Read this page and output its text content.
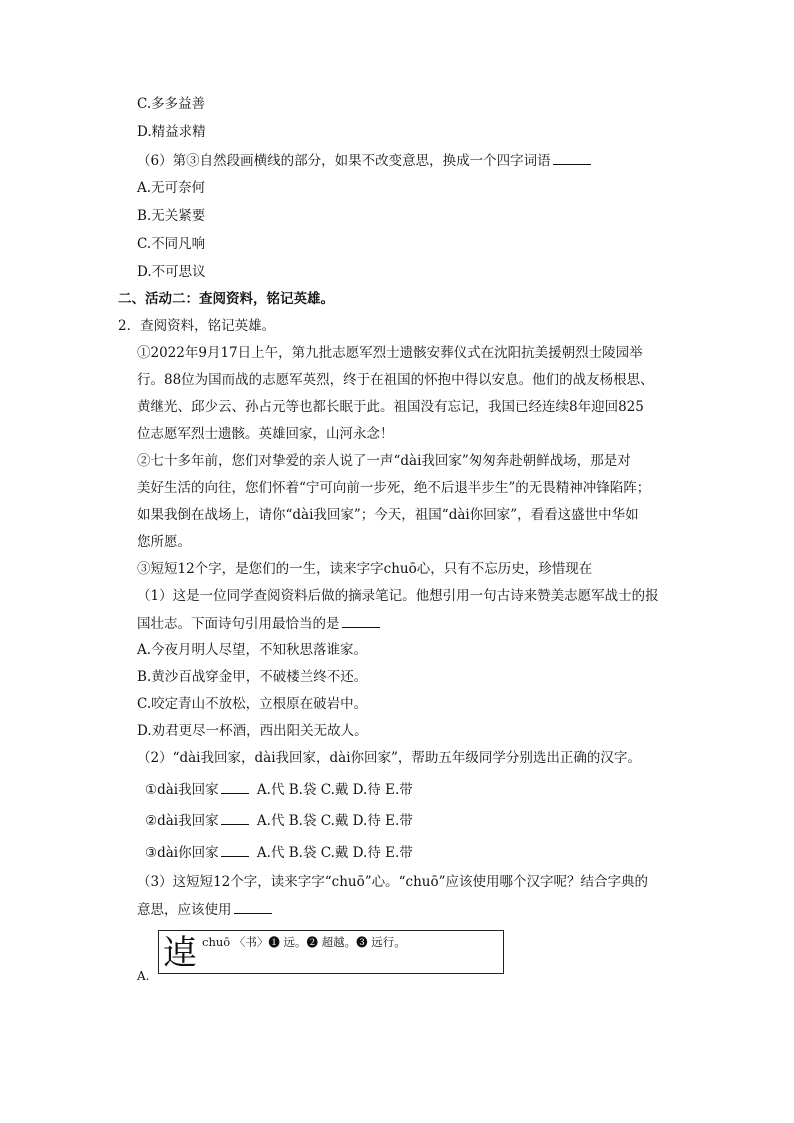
C.多多益善
D.精益求精
（6）第③自然段画横线的部分，如果不改变意思，换成一个四字词语
A.无可奈何
B.无关紧要
C.不同凡响
D.不可思议
二、活动二：查阅资料，铭记英雄。
2．查阅资料，铭记英雄。
①2022年9月17日上午，第九批志愿军烈士遗骸安葬仪式在沈阳抗美援朝烈士陵园举
行。88位为国而战的志愿军英烈，终于在祖国的怀抱中得以安息。他们的战友杨根思、
黄继光、邱少云、孙占元等也都长眠于此。祖国没有忘记，我国已经连续8年迎回825
位志愿军烈士遗骸。英雄回家，山河永念！
②七十多年前，您们对挚爱的亲人说了一声“dài我回家”匆匆奔赴朝鲜战场，那是对
美好生活的向往，您们怀着“宁可向前一步死，绝不后退半步生”的无畏精神冲锋陷阵；
如果我倒在战场上，请你“dài我回家”；今天，祖国“dài你回家”，看看这盛世中华如
您所愿。
③短短12个字，是您们的一生，读来字字chuō心，只有不忘历史，珍惜现在
（1）这是一位同学查阅资料后做的摘录笔记。他想引用一句古诗来赞美志愿军战士的报
国壮志。下面诗句引用最恰当的是
A.今夜月明人尽望，不知秋思落谁家。
B.黄沙百战穿金甲，不破楼兰终不还。
C.咬定青山不放松，立根原在破岩中。
D.劝君更尽一杯酒，西出阳关无故人。
（2）“dài我回家，dài我回家，dài你回家”，帮助五年级同学分别选出正确的汉字。
①dài我回家	A.代 B.袋 C.戴 D.待 E.带
②dài我回家	A.代 B.袋 C.戴 D.待 E.带
③dài你回家	A.代 B.袋 C.戴 D.待 E.带
（3）这短短12个字，读来字字“chuō”心。“chuō”应该使用哪个汉字呢？结合字典的
意思，应该使用
逴 chuō 〈书〉❶ 远。❷ 超越。❸ 远行。
A.
